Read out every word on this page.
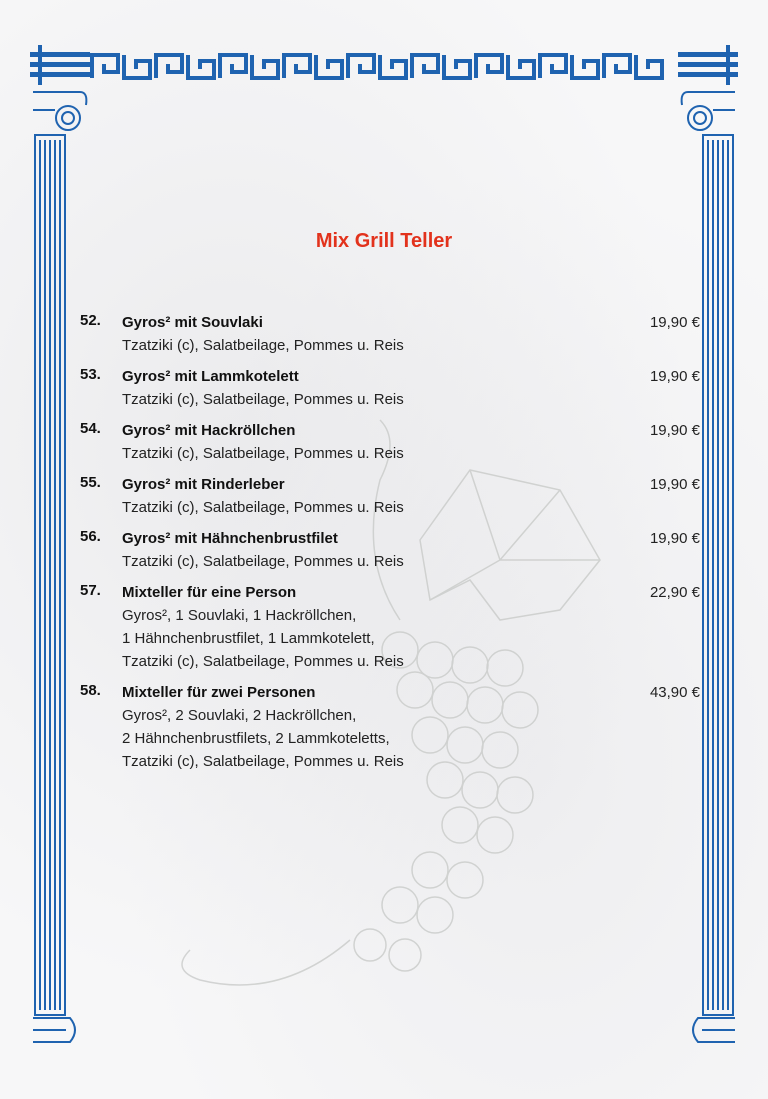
Mix Grill Teller
52. Gyros² mit Souvlaki	19,90 €
Tzatziki (c), Salatbeilage, Pommes u. Reis
53. Gyros² mit Lammkotelett	19,90 €
Tzatziki (c), Salatbeilage, Pommes u. Reis
54. Gyros² mit Hackröllchen	19,90 €
Tzatziki (c), Salatbeilage, Pommes u. Reis
55. Gyros² mit Rinderleber	19,90 €
Tzatziki (c), Salatbeilage, Pommes u. Reis
56. Gyros² mit Hähnchenbrustfilet	19,90 €
Tzatziki (c), Salatbeilage, Pommes u. Reis
57. Mixteller für eine Person	22,90 €
Gyros², 1 Souvlaki, 1 Hackröllchen,
1 Hähnchenbrustfilet, 1 Lammkotelett,
Tzatziki (c), Salatbeilage, Pommes u. Reis
58. Mixteller für zwei Personen	43,90 €
Gyros², 2 Souvlaki, 2 Hackröllchen,
2 Hähnchenbrustfilets, 2 Lammkoteletts,
Tzatziki (c), Salatbeilage, Pommes u. Reis
